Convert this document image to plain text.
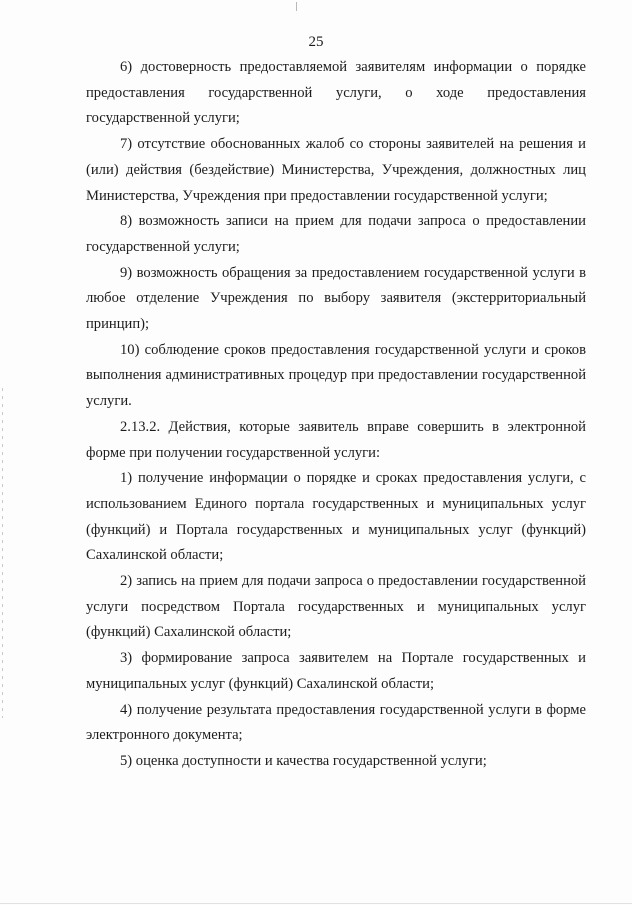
25

6) достоверность предоставляемой заявителям информации о порядке предоставления государственной услуги, о ходе предоставления государственной услуги;

7) отсутствие обоснованных жалоб со стороны заявителей на решения и (или) действия (бездействие) Министерства, Учреждения, должностных лиц Министерства, Учреждения при предоставлении государственной услуги;

8) возможность записи на прием для подачи запроса о предоставлении государственной услуги;

9) возможность обращения за предоставлением государственной услуги в любое отделение Учреждения по выбору заявителя (экстерриториальный принцип);

10) соблюдение сроков предоставления государственной услуги и сроков выполнения административных процедур при предоставлении государственной услуги.

2.13.2. Действия, которые заявитель вправе совершить в электронной форме при получении государственной услуги:

1) получение информации о порядке и сроках предоставления услуги, с использованием Единого портала государственных и муниципальных услуг (функций) и Портала государственных и муниципальных услуг (функций) Сахалинской области;

2) запись на прием для подачи запроса о предоставлении государственной услуги посредством Портала государственных и муниципальных услуг (функций) Сахалинской области;

3) формирование запроса заявителем на Портале государственных и муниципальных услуг (функций) Сахалинской области;

4) получение результата предоставления государственной услуги в форме электронного документа;

5) оценка доступности и качества государственной услуги;
